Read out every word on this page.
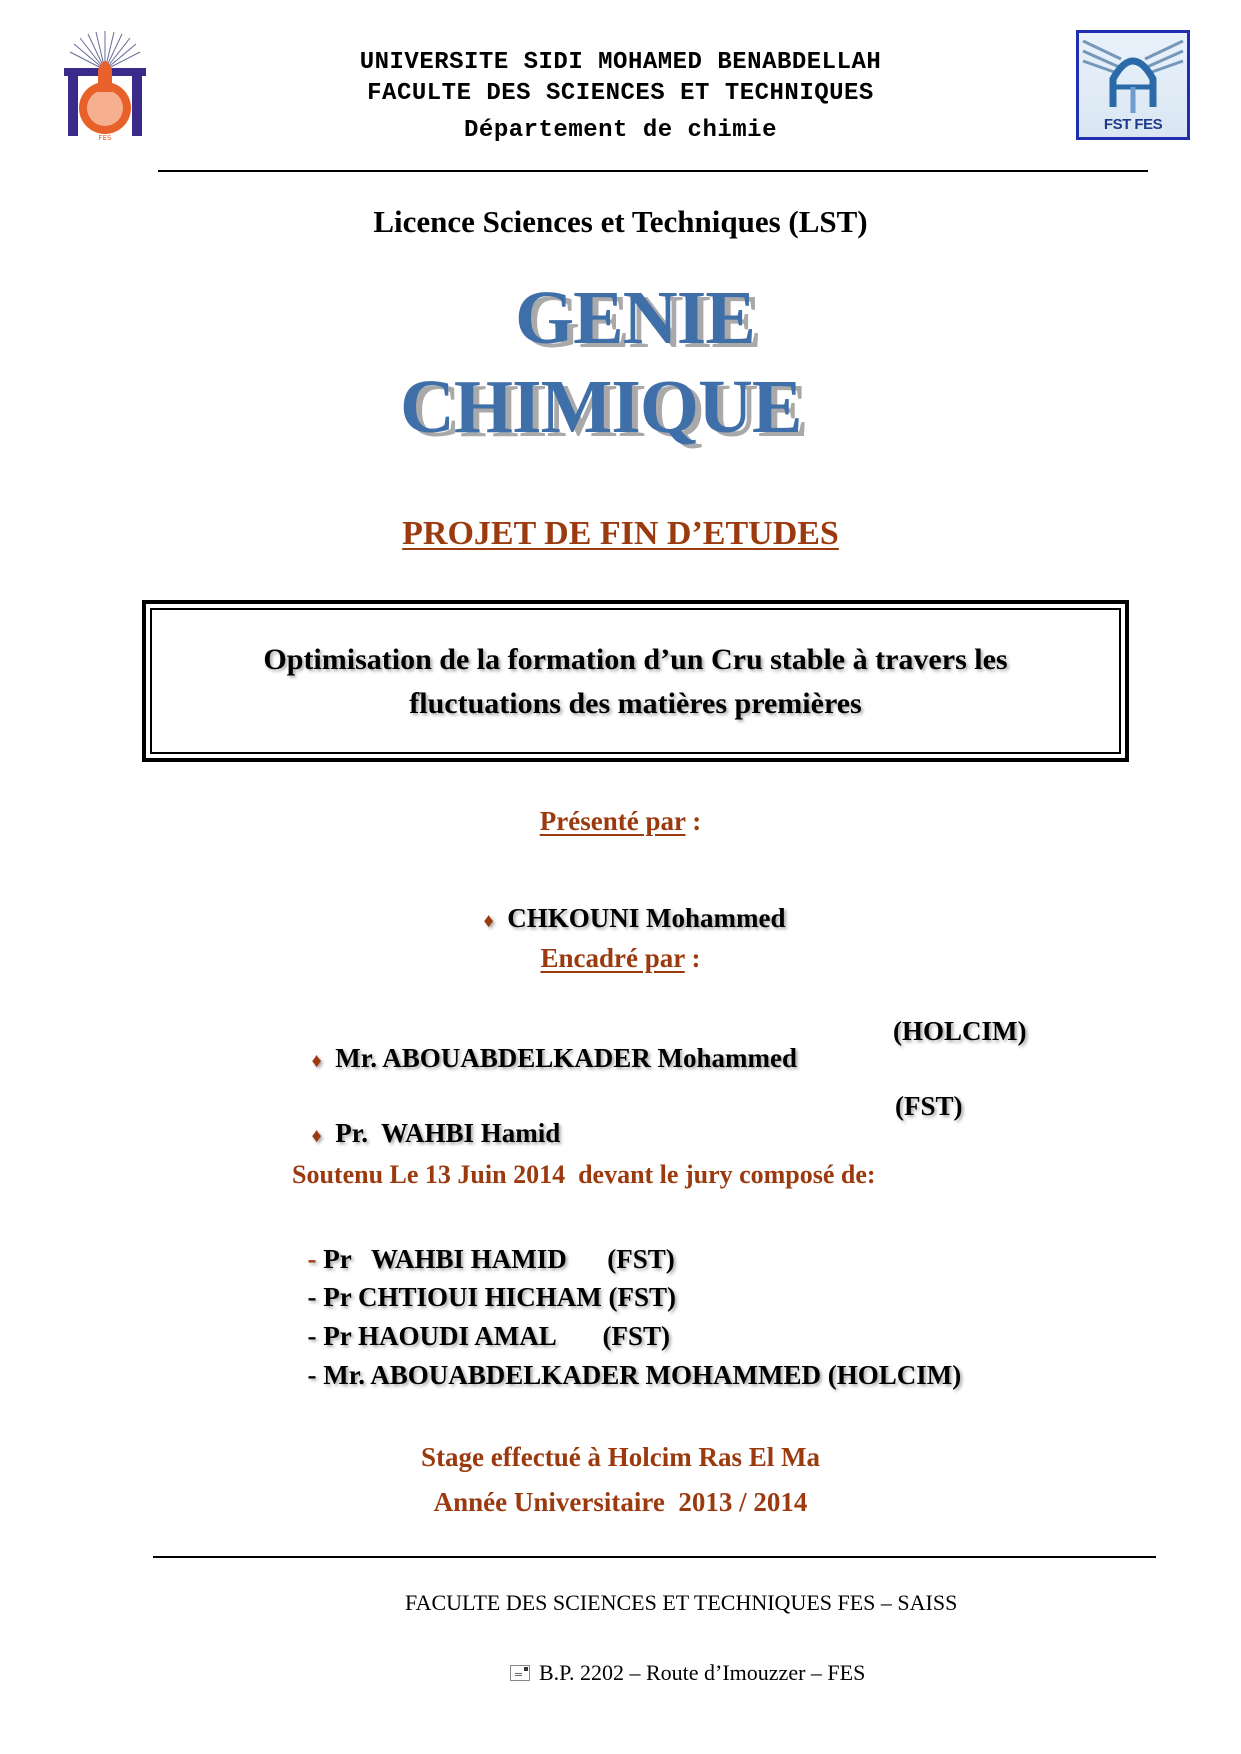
FES
FST FES
UNIVERSITE SIDI MOHAMED BENABDELLAH
FACULTE DES SCIENCES ET TECHNIQUES
Département de chimie
Licence Sciences et Techniques (LST)
GENIE
CHIMIQUE
PROJET DE FIN D’ETUDES
Optimisation de la formation d’un Cru stable à travers les
fluctuations des matières premières
Présenté par :

♦ CHKOUNI Mohammed

Encadré par :

♦ Mr. ABOUABDELKADER Mohammed

(HOLCIM)

♦ Pr.  WAHBI Hamid

(FST)
Soutenu Le 13 Juin 2014  devant le jury composé de:

- Pr   WAHBI HAMID      (FST)

- Pr CHTIOUI HICHAM (FST)

- Pr HAOUDI AMAL       (FST)

- Mr. ABOUABDELKADER MOHAMMED (HOLCIM)

Stage effectué à Holcim Ras El Ma
Année Universitaire  2013 / 2014
FACULTE DES SCIENCES ET TECHNIQUES FES – SAISS
B.P. 2202 – Route d’Imouzzer – FES
